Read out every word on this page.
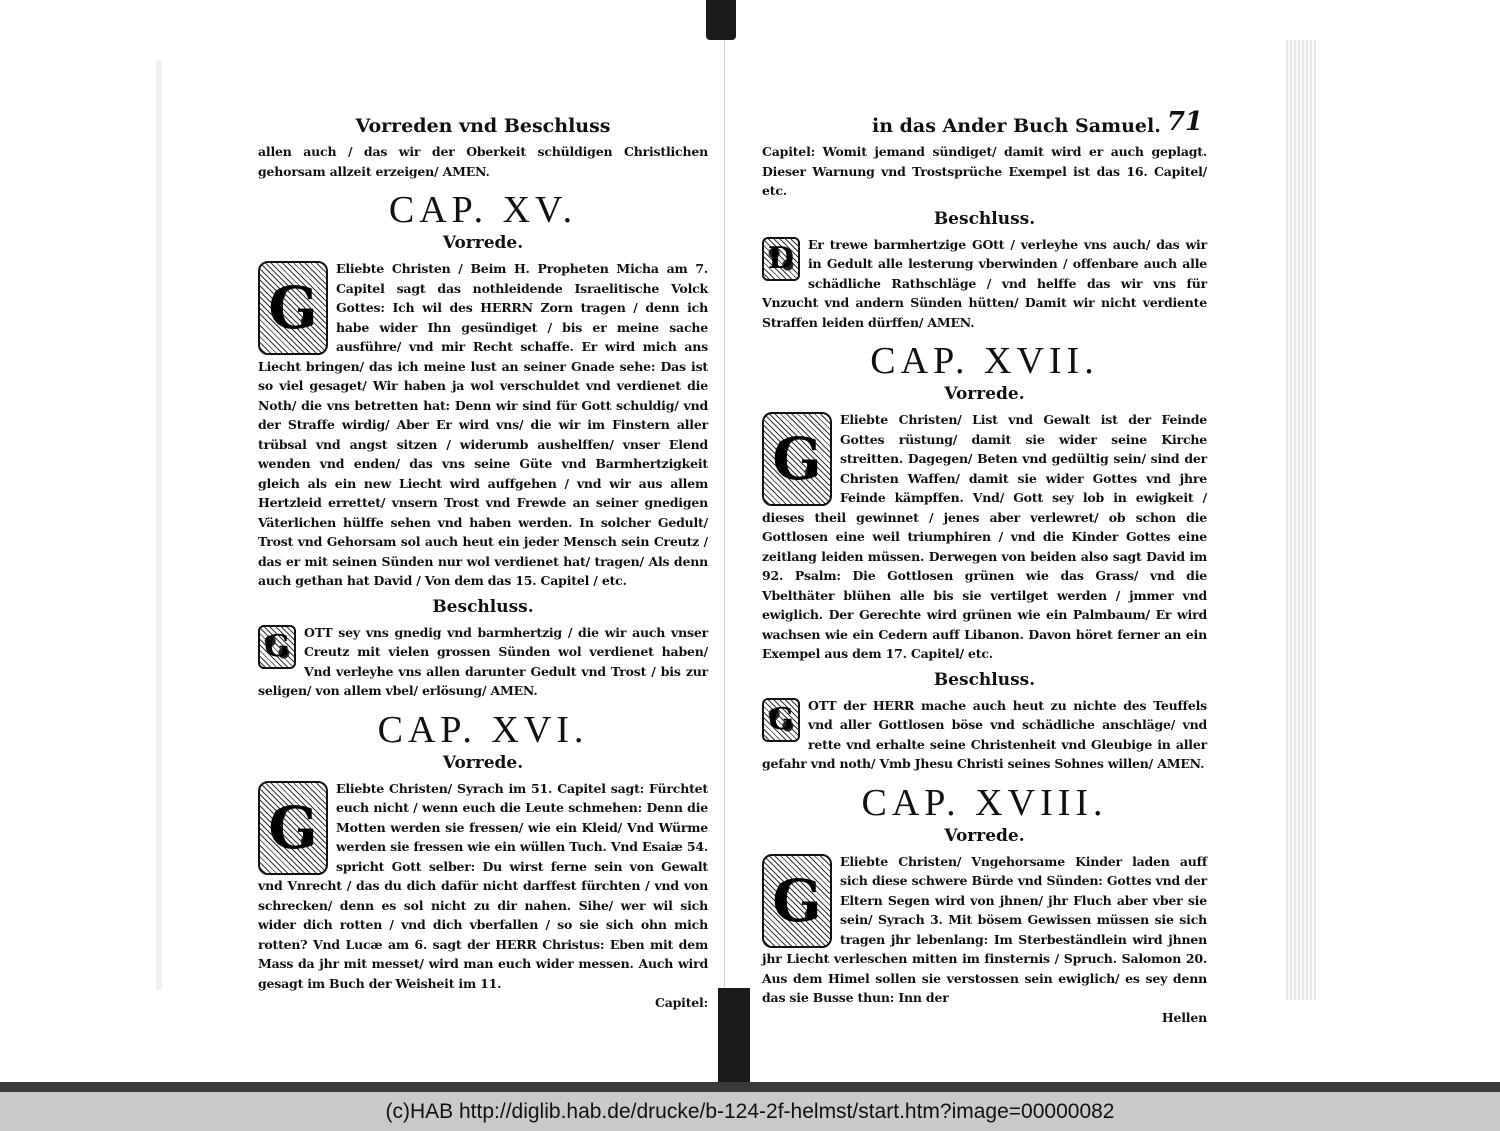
Vorreden vnd Beschluss

allen auch / das wir der Oberkeit schüldigen Christlichen gehorsam allzeit erzeigen/ AMEN.

CAP. XV.
Vorrede.
G

Eliebte Christen / Beim H. Propheten Micha am 7. Capitel sagt das nothleidende Israelitische Volck Gottes: Ich wil des HERRN Zorn tragen / denn ich habe wider Ihn gesündiget / bis er meine sache ausführe/ vnd mir Recht schaffe. Er wird mich ans Liecht bringen/ das ich meine lust an seiner Gnade sehe: Das ist so viel gesaget/ Wir haben ja wol verschuldet vnd verdienet die Noth/ die vns betretten hat: Denn wir sind für Gott schuldig/ vnd der Straffe wirdig/ Aber Er wird vns/ die wir im Finstern aller trübsal vnd angst sitzen / widerumb aushelffen/ vnser Elend wenden vnd enden/ das vns seine Güte vnd Barmhertzigkeit gleich als ein new Liecht wird auffgehen / vnd wir aus allem Hertzleid errettet/ vnsern Trost vnd Frewde an seiner gnedigen Väterlichen hülffe sehen vnd haben werden. In solcher Gedult/ Trost vnd Gehorsam sol auch heut ein jeder Mensch sein Creutz / das er mit seinen Sünden nur wol verdienet hat/ tragen/ Als denn auch gethan hat David / Von dem das 15. Capitel / etc.

Beschluss.
G	OTT sey vns gnedig vnd barmhertzig / die wir auch vnser Creutz mit vielen grossen Sünden wol verdienet haben/ Vnd verleyhe vns allen darunter Gedult vnd Trost / bis zur seligen/ von allem vbel/ erlösung/ AMEN.

CAP. XVI.
Vorrede.
G

Eliebte Christen/ Syrach im 51. Capitel sagt: Fürchtet euch nicht / wenn euch die Leute schmehen: Denn die Motten werden sie fressen/ wie ein Kleid/ Vnd Würme werden sie fressen wie ein wüllen Tuch. Vnd Esaiæ 54. spricht Gott selber: Du wirst ferne sein von Gewalt vnd Vnrecht / das du dich dafür nicht darffest fürchten / vnd von schrecken/ denn es sol nicht zu dir nahen. Sihe/ wer wil sich wider dich rotten / vnd dich vberfallen / so sie sich ohn mich rotten? Vnd Lucæ am 6. sagt der HERR Christus: Eben mit dem Mass da jhr mit messet/ wird man euch wider messen. Auch wird gesagt im Buch der Weisheit im 11.

Capitel:

in das Ander Buch Samuel. 71

Capitel: Womit jemand sündiget/ damit wird er auch geplagt. Dieser Warnung vnd Trostsprüche Exempel ist das 16. Capitel/ etc.

Beschluss.
D	Er trewe barmhertzige GOtt / verleyhe vns auch/ das wir in Gedult alle lesterung vberwinden / offenbare auch alle schädliche Rathschläge / vnd helffe das wir vns für Vnzucht vnd andern Sünden hütten/ Damit wir nicht verdiente Straffen leiden dürffen/ AMEN.

CAP. XVII.
Vorrede.
G

Eliebte Christen/ List vnd Gewalt ist der Feinde Gottes rüstung/ damit sie wider seine Kirche streitten. Dagegen/ Beten vnd gedültig sein/ sind der Christen Waffen/ damit sie wider Gottes vnd jhre Feinde kämpffen. Vnd/ Gott sey lob in ewigkeit / dieses theil gewinnet / jenes aber verlewret/ ob schon die Gottlosen eine weil triumphiren / vnd die Kinder Gottes eine zeitlang leiden müssen. Derwegen von beiden also sagt David im 92. Psalm: Die Gottlosen grünen wie das Grass/ vnd die Vbelthäter blühen alle bis sie vertilget werden / jmmer vnd ewiglich. Der Gerechte wird grünen wie ein Palmbaum/ Er wird wachsen wie ein Cedern auff Libanon. Davon höret ferner an ein Exempel aus dem 17. Capitel/ etc.

Beschluss.
G	OTT der HERR mache auch heut zu nichte des Teuffels vnd aller Gottlosen böse vnd schädliche anschläge/ vnd rette vnd erhalte seine Christenheit vnd Gleubige in aller gefahr vnd noth/ Vmb Jhesu Christi seines Sohnes willen/ AMEN.

CAP. XVIII.
Vorrede.
G

Eliebte Christen/ Vngehorsame Kinder laden auff sich diese schwere Bürde vnd Sünden: Gottes vnd der Eltern Segen wird von jhnen/ jhr Fluch aber vber sie sein/ Syrach 3. Mit bösem Gewissen müssen sie sich tragen jhr lebenlang: Im Sterbeständlein wird jhnen jhr Liecht verleschen mitten im finsternis / Spruch. Salomon 20. Aus dem Himel sollen sie verstossen sein ewiglich/ es sey denn das sie Busse thun: Inn der

Hellen

(c)HAB http://diglib.hab.de/drucke/b-124-2f-helmst/start.htm?image=00000082
